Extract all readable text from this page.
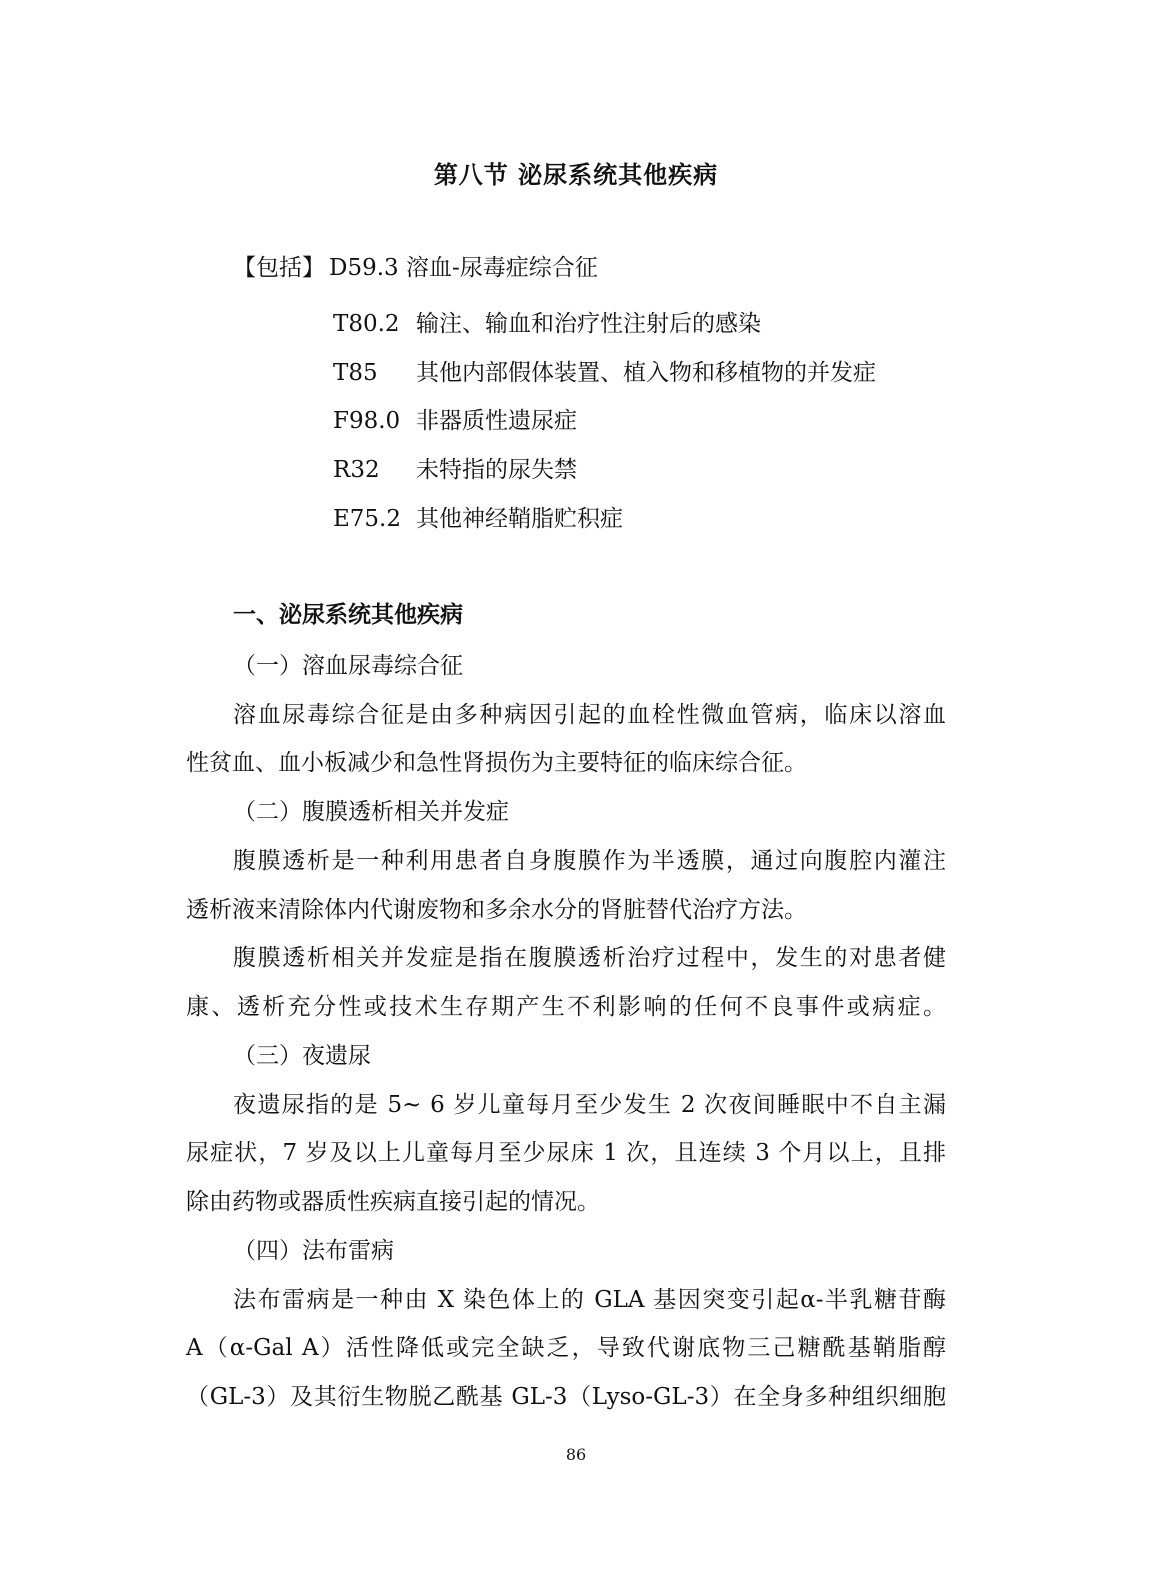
第八节 泌尿系统其他疾病
【包括】 D59.3 溶血-尿毒症综合征
T80.2 输注、输血和治疗性注射后的感染
T85 其他内部假体装置、植入物和移植物的并发症
F98.0 非器质性遗尿症
R32 未特指的尿失禁
E75.2 其他神经鞘脂贮积症
一、泌尿系统其他疾病
（一）溶血尿毒综合征
溶血尿毒综合征是由多种病因引起的血栓性微血管病，临床以溶血
性贫血、血小板减少和急性肾损伤为主要特征的临床综合征。
（二）腹膜透析相关并发症
腹膜透析是一种利用患者自身腹膜作为半透膜，通过向腹腔内灌注
透析液来清除体内代谢废物和多余水分的肾脏替代治疗方法。
腹膜透析相关并发症是指在腹膜透析治疗过程中，发生的对患者健
康、透析充分性或技术生存期产生不利影响的任何不良事件或病症。
（三）夜遗尿
夜遗尿指的是 5~ 6 岁儿童每月至少发生 2 次夜间睡眠中不自主漏
尿症状，7 岁及以上儿童每月至少尿床 1 次，且连续 3 个月以上，且排
除由药物或器质性疾病直接引起的情况。
（四）法布雷病
法布雷病是一种由 X 染色体上的 GLA 基因突变引起α-半乳糖苷酶
A（α-Gal A）活性降低或完全缺乏，导致代谢底物三己糖酰基鞘脂醇
（GL-3）及其衍生物脱乙酰基 GL-3（Lyso-GL-3）在全身多种组织细胞
86
